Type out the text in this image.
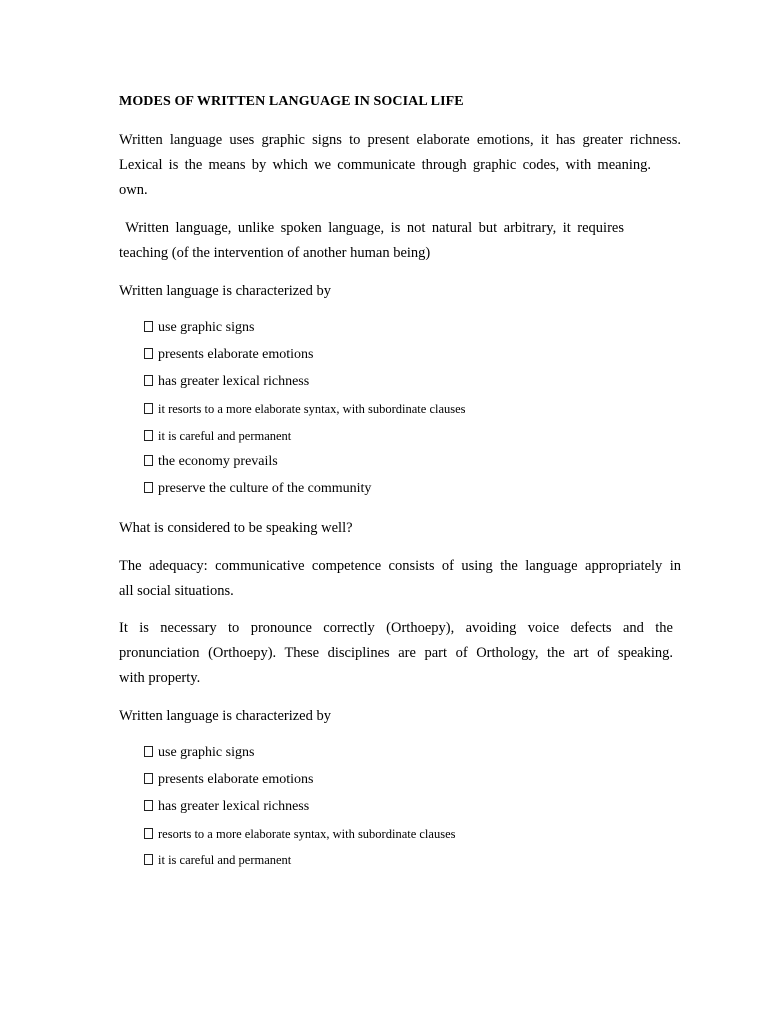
MODES OF WRITTEN LANGUAGE IN SOCIAL LIFE
Written language uses graphic signs to present elaborate emotions, it has greater richness.
Lexical is the means by which we communicate through graphic codes, with meaning.
own.
Written language, unlike spoken language, is not natural but arbitrary, it requires
teaching (of the intervention of another human being)
Written language is characterized by
use graphic signs
presents elaborate emotions
has greater lexical richness
it resorts to a more elaborate syntax, with subordinate clauses
it is careful and permanent
the economy prevails
preserve the culture of the community
What is considered to be speaking well?
The adequacy: communicative competence consists of using the language appropriately in
all social situations.
It is necessary to pronounce correctly (Orthoepy), avoiding voice defects and the
pronunciation (Orthoepy). These disciplines are part of Orthology, the art of speaking.
with property.
Written language is characterized by
use graphic signs
presents elaborate emotions
has greater lexical richness
resorts to a more elaborate syntax, with subordinate clauses
it is careful and permanent
